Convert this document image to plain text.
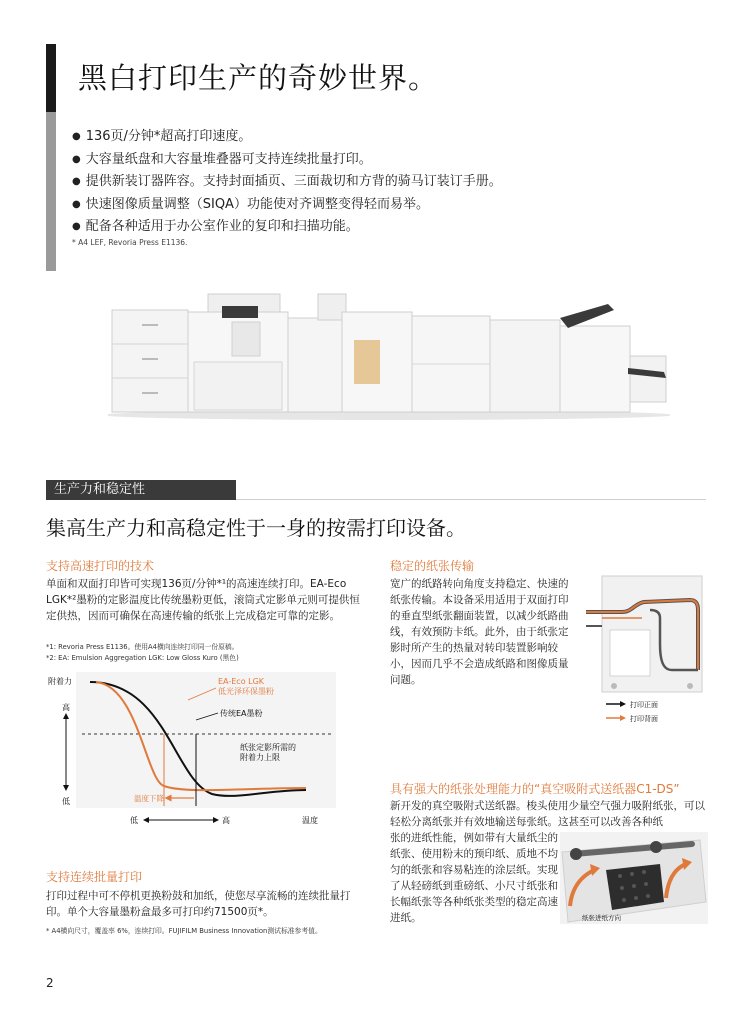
黑白打印生产的奇妙世界。
● 136页/分钟*超高打印速度。
● 大容量纸盘和大容量堆叠器可支持连续批量打印。
● 提供新装订器阵容。支持封面插页、三面裁切和方背的骑马订装订手册。
● 快速图像质量调整（SIQA）功能使对齐调整变得轻而易举。
● 配备各种适用于办公室作业的复印和扫描功能。
* A4 LEF, Revoria Press E1136.
生产力和稳定性
集高生产力和高稳定性于一身的按需打印设备。
支持高速打印的技术
单面和双面打印皆可实现136页/分钟*¹的高速连续打印。EA-Eco LGK*²墨粉的定影温度比传统墨粉更低，滚筒式定影单元则可提供恒定供热，因而可确保在高速传输的纸张上完成稳定可靠的定影。
*1: Revoria Press E1136。使用A4横向连续打印同一份原稿。
*2: EA: Emulsion Aggregation LGK: Low Gloss Kuro (黑色)
附着力
高
低
低	高	温度
EA-Eco LGK
低光泽环保墨粉
传统EA墨粉
纸张定影所需的
附着力上限
温度下降
支持连续批量打印
打印过程中可不停机更换粉鼓和加纸，使您尽享流畅的连续批量打印。单个大容量墨粉盒最多可打印约71500页*。
* A4横向尺寸，覆盖率 6%，连续打印。FUJIFILM Business Innovation测试标准参考值。
稳定的纸张传输
宽广的纸路转向角度支持稳定、快速的纸张传输。本设备采用适用于双面打印的垂直型纸张翻面装置，以减少纸路曲线，有效预防卡纸。此外，由于纸张定影时所产生的热量对转印装置影响较小，因而几乎不会造成纸路和图像质量问题。
打印正面
打印背面
具有强大的纸张处理能力的“真空吸附式送纸器C1-DS”
新开发的真空吸附式送纸器。梭头使用少量空气强力吸附纸张，可以轻松分离纸张并有效地输送每张纸。这甚至可以改善各种纸
张的进纸性能，例如带有大量纸尘的纸张、使用粉末的预印纸、质地不均匀的纸张和容易粘连的涂层纸。实现了从轻磅纸到重磅纸、小尺寸纸张和长幅纸张等各种纸张类型的稳定高速进纸。	纸张进纸方向
2
